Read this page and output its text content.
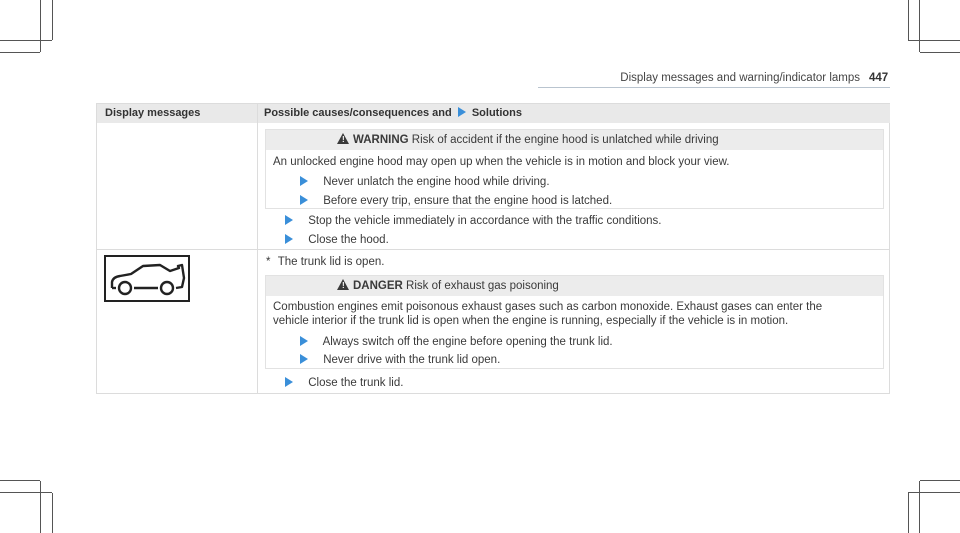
Display messages and warning/indicator lamps 447
Display messages	Possible causes/consequences and Solutions
! WARNING Risk of accident if the engine hood is unlatched while driving
An unlocked engine hood may open up when the vehicle is in motion and block your view.
Never unlatch the engine hood while driving.
Before every trip, ensure that the engine hood is latched.
Stop the vehicle immediately in accordance with the traffic conditions.
Close the hood.
* The trunk lid is open.
! DANGER Risk of exhaust gas poisoning
Combustion engines emit poisonous exhaust gases such as carbon monoxide. Exhaust gases can enter the
vehicle interior if the trunk lid is open when the engine is running, especially if the vehicle is in motion.
Always switch off the engine before opening the trunk lid.
Never drive with the trunk lid open.
Close the trunk lid.
